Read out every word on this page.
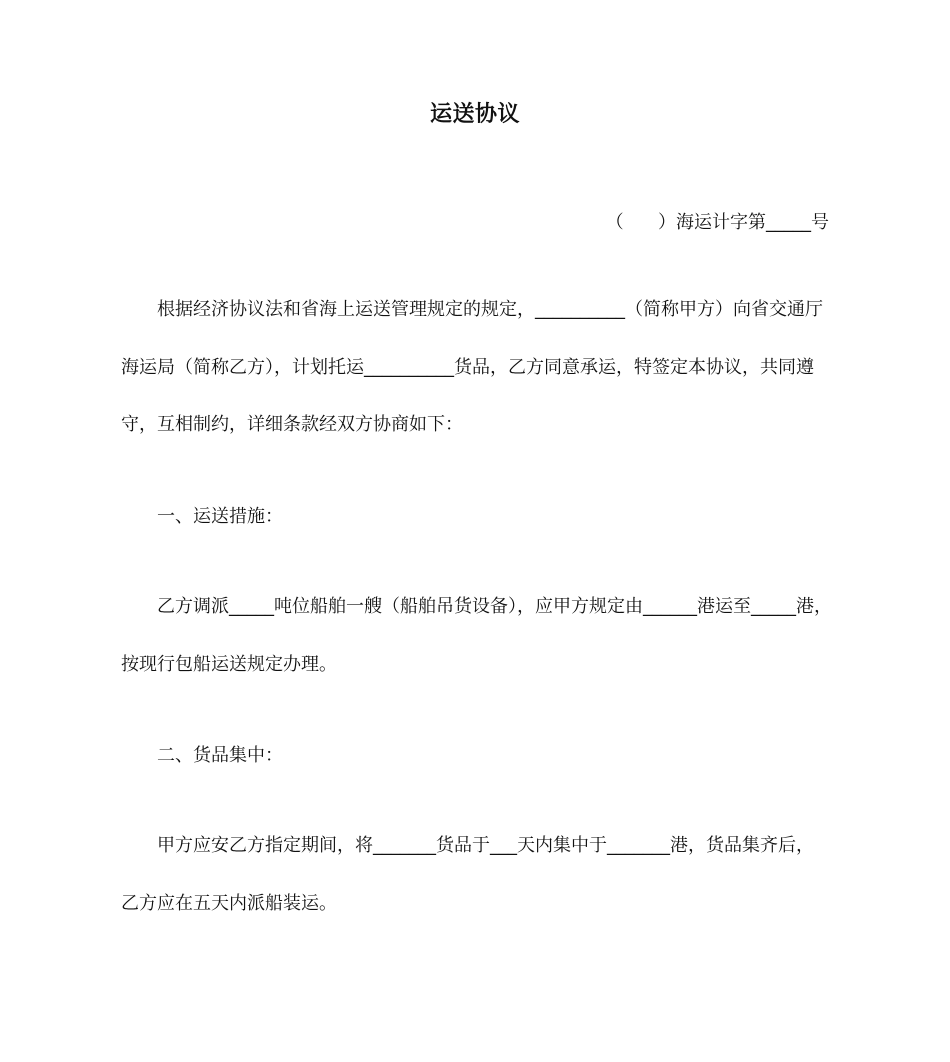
运送协议
（      ）海运计字第_____号

根据经济协议法和省海上运送管理规定的规定，__________（简称甲方）向省交通厅

海运局（简称乙方），计划托运__________货品，乙方同意承运，特签定本协议，共同遵

守，互相制约，详细条款经双方协商如下：

一、运送措施：

乙方调派_____吨位船舶一艘（船舶吊货设备），应甲方规定由______港运至_____港，

按现行包船运送规定办理。

二、货品集中：

甲方应安乙方指定期间，将_______货品于___天内集中于_______港，货品集齐后，

乙方应在五天内派船装运。
